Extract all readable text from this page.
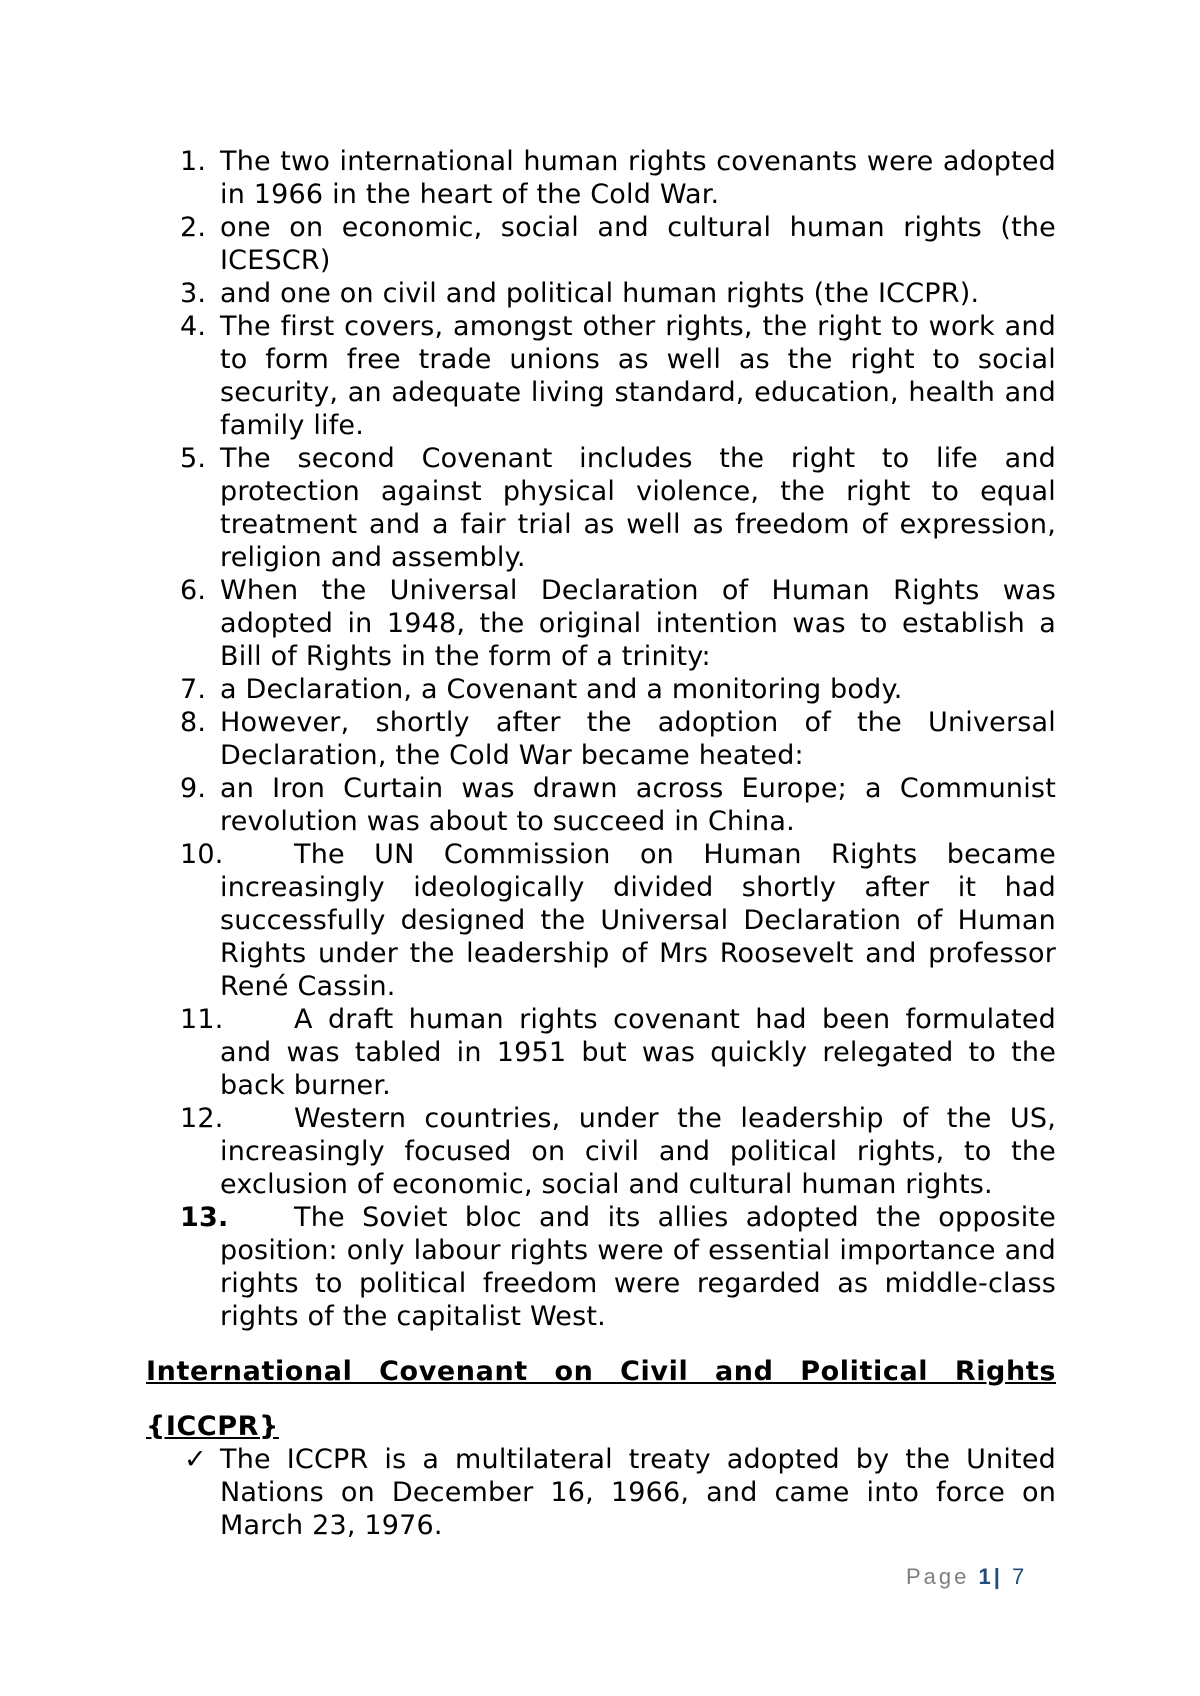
1. The two international human rights covenants were adopted in 1966 in the heart of the Cold War.
2. one on economic, social and cultural human rights (the ICESCR)
3. and one on civil and political human rights (the ICCPR).
4. The first covers, amongst other rights, the right to work and to form free trade unions as well as the right to social security, an adequate living standard, education, health and family life.
5. The second Covenant includes the right to life and protection against physical violence, the right to equal treatment and a fair trial as well as freedom of expression, religion and assembly.
6. When the Universal Declaration of Human Rights was adopted in 1948, the original intention was to establish a Bill of Rights in the form of a trinity:
7. a Declaration, a Covenant and a monitoring body.
8. However, shortly after the adoption of the Universal Declaration, the Cold War became heated:
9. an Iron Curtain was drawn across Europe; a Communist revolution was about to succeed in China.
10.	The UN Commission on Human Rights became increasingly ideologically divided shortly after it had successfully designed the Universal Declaration of Human Rights under the leadership of Mrs Roosevelt and professor René Cassin.
11.	A draft human rights covenant had been formulated and was tabled in 1951 but was quickly relegated to the back burner.
12.	Western countries, under the leadership of the US, increasingly focused on civil and political rights, to the exclusion of economic, social and cultural human rights.
13. The Soviet bloc and its allies adopted the opposite position: only labour rights were of essential importance and rights to political freedom were regarded as middle-class rights of the capitalist West.
International Covenant on Civil and Political Rights
{ICCPR}
✓ The ICCPR is a multilateral treaty adopted by the United Nations on December 16, 1966, and came into force on March 23, 1976.
Page 1| 7
